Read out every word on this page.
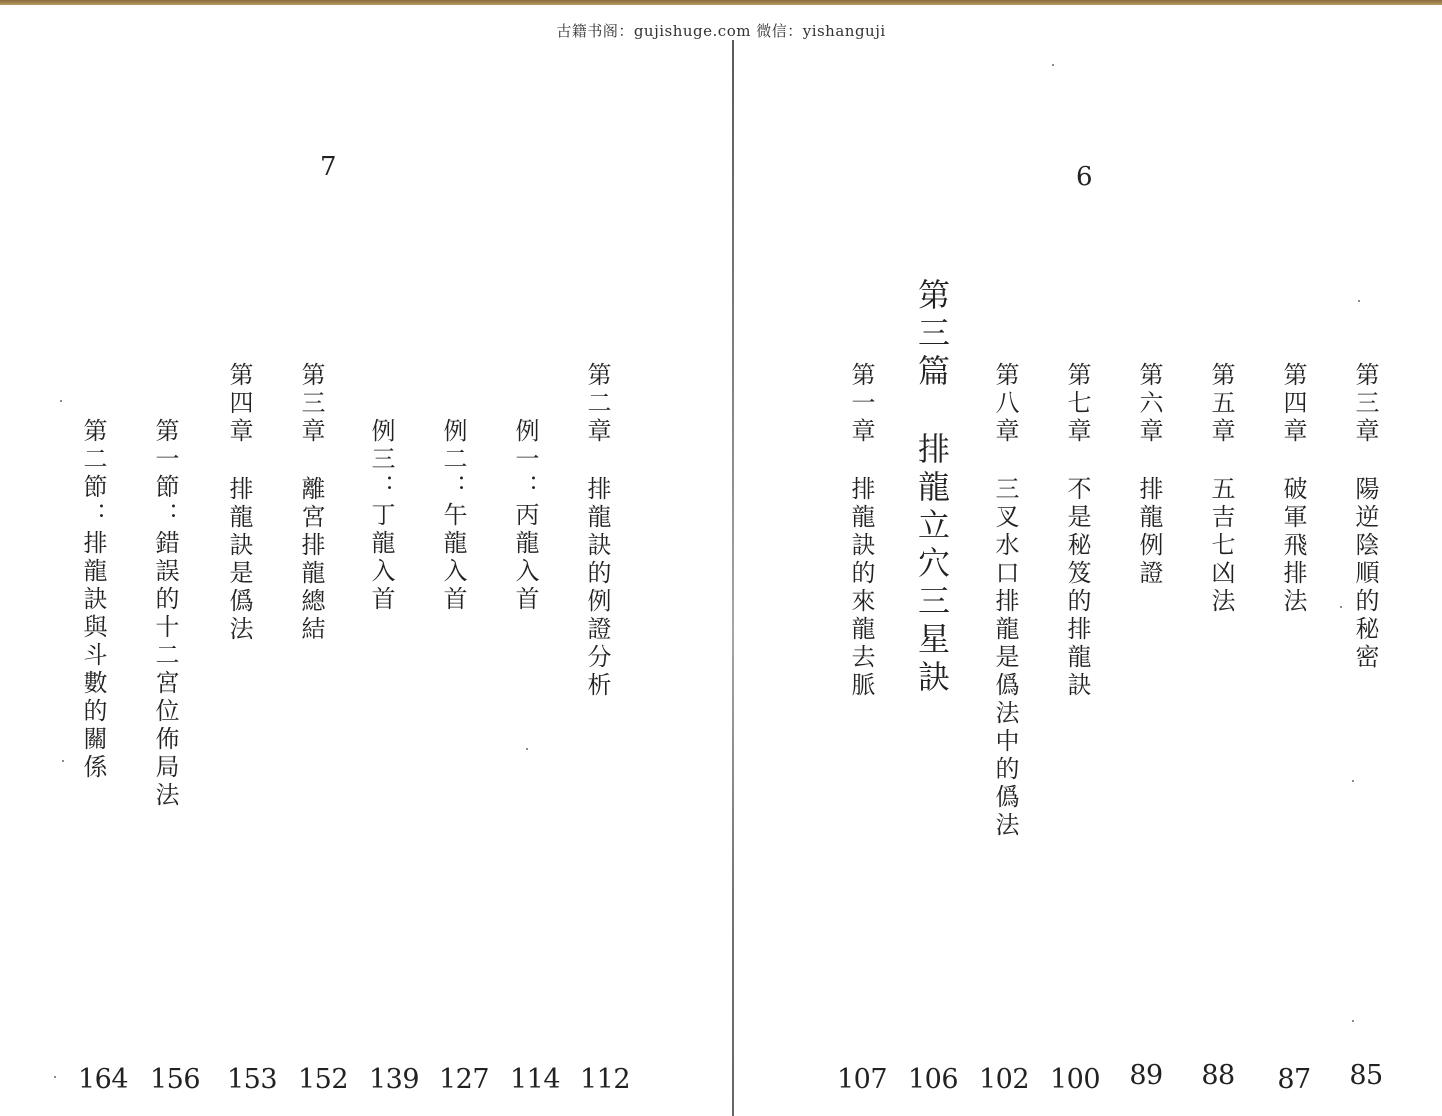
古籍书阁：gujishuge.com 微信：yishanguji
7
第二章排龍訣的例證分析
例一：丙龍入首
例二：午龍入首
例三：丁龍入首
第三章離宮排龍總結
第四章排龍訣是僞法
第一節：錯誤的十二宮位佈局法
第二節：排龍訣與斗數的關係
112
114
127
139
152
153
156
164
6
第三章陽逆陰順的秘密
第四章破軍飛排法
第五章五吉七凶法
第六章排龍例證
第七章不是秘笈的排龍訣
第八章三叉水口排龍是僞法中的僞法
第三篇排龍立穴三星訣
第一章排龍訣的來龍去脈
85
87
88
89
100
102
106
107
